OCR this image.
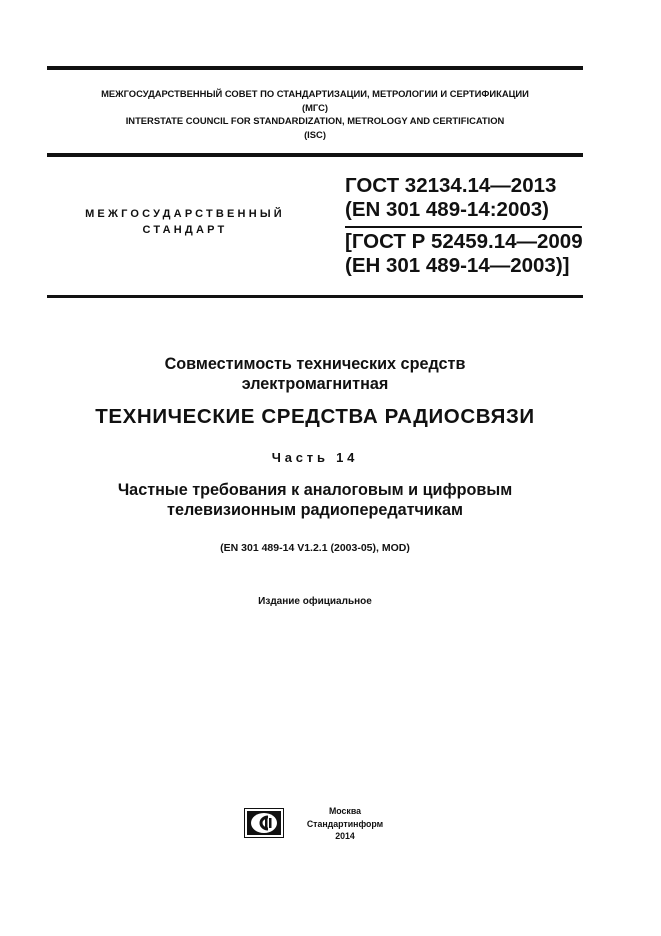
МЕЖГОСУДАРСТВЕННЫЙ СОВЕТ ПО СТАНДАРТИЗАЦИИ, МЕТРОЛОГИИ И СЕРТИФИКАЦИИ
(МГС)
INTERSTATE COUNCIL FOR STANDARDIZATION, METROLOGY AND CERTIFICATION
(ISC)
МЕЖГОСУДАРСТВЕННЫЙ
СТАНДАРТ
ГОСТ 32134.14—2013
(EN 301 489-14:2003)
[ГОСТ Р 52459.14—2009
(ЕН 301 489-14—2003)]
Совместимость технических средств
электромагнитная
ТЕХНИЧЕСКИЕ СРЕДСТВА РАДИОСВЯЗИ
Часть 14
Частные требования к аналоговым и цифровым
телевизионным радиопередатчикам
(EN 301 489-14 V1.2.1 (2003-05), MOD)
Издание официальное
Москва
Стандартинформ
2014
